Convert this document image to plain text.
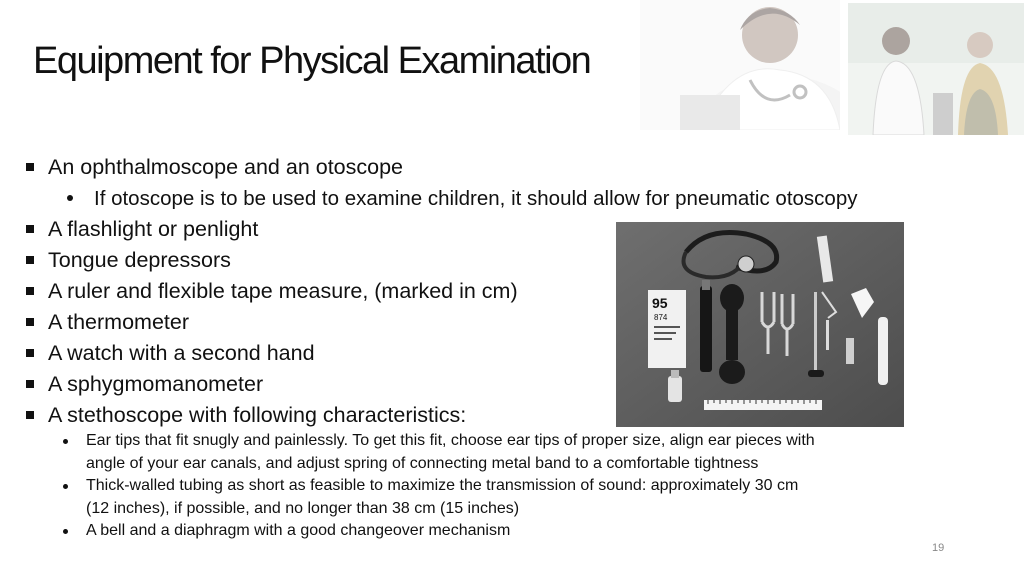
Equipment for Physical Examination
An ophthalmoscope and an otoscope
If otoscope is to be used to examine children, it should allow for pneumatic otoscopy
A flashlight or penlight
Tongue depressors
A ruler and flexible tape measure, (marked in cm)
A thermometer
A watch with a second hand
A sphygmomanometer
A stethoscope with following characteristics:
Ear tips that fit snugly and painlessly. To get this fit, choose ear tips of proper size, align ear pieces with
angle of your ear canals, and adjust spring of connecting metal band to a comfortable tightness
Thick-walled tubing as short as feasible to maximize the transmission of sound: approximately 30 cm
(12 inches), if possible, and no longer than 38 cm (15 inches)
A bell and a diaphragm with a good changeover mechanism
95
874
19
